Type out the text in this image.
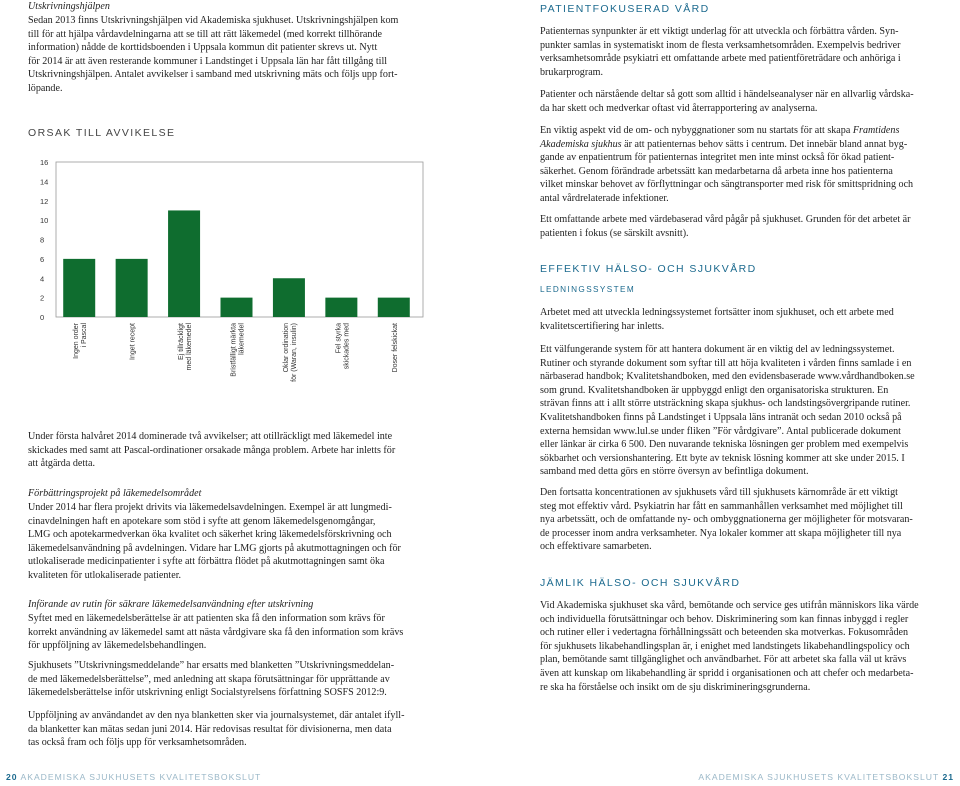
Utskrivningshjälpen

Sedan 2013 finns Utskrivningshjälpen vid Akademiska sjukhuset. Utskrivningshjälpen kom

till för att hjälpa vårdavdelningarna att se till att rätt läkemedel (med korrekt tillhörande

information) nådde de korttidsboenden i Uppsala kommun dit patienter skrevs ut. Nytt

för 2014 är att även resterande kommuner i Landstinget i Uppsala län har fått tillgång till

Utskrivningshjälpen. Antalet avvikelser i samband med utskrivning mäts och följs upp fort-

löpande.

ORSAK TILL AVVIKELSE
0
2
4
6
8
10
12
14
16
Ingen order i Pascal	Inget recept	Ej tillräckligt med läkemedel	Bristfälligt märkta läkemedel	Oklar ordination för (Waran, insulin)	Fel styrka skickades med	Doser felskickat

Under första halvåret 2014 dominerade två avvikelser; att otillräckligt med läkemedel inte

skickades med samt att Pascal-ordinationer orsakade många problem. Arbete har inletts för

att åtgärda detta.

Förbättringsprojekt på läkemedelsområdet

Under 2014 har flera projekt drivits via läkemedelsavdelningen. Exempel är att lungmedi-

cinavdelningen haft en apotekare som stöd i syfte att genom läkemedelsgenomgångar,

LMG och apotekarmedverkan öka kvalitet och säkerhet kring läkemedelsförskrivning och

läkemedelsanvändning på avdelningen. Vidare har LMG gjorts på akutmottagningen och för

utlokaliserade medicinpatienter i syfte att förbättra flödet på akutmottagningen samt öka

kvaliteten för utlokaliserade patienter.

Införande av rutin för säkrare läkemedelsanvändning efter utskrivning

Syftet med en läkemedelsberättelse är att patienten ska få den information som krävs för

korrekt användning av läkemedel samt att nästa vårdgivare ska få den information som krävs

för uppföljning av läkemedelsbehandlingen.

Sjukhusets ”Utskrivningsmeddelande” har ersatts med blanketten ”Utskrivningsmeddelan-

de med läkemedelsberättelse”, med anledning att skapa förutsättningar för upprättande av

läkemedelsberättelse inför utskrivning enligt Socialstyrelsens författning SOSFS 2012:9.

Uppföljning av användandet av den nya blanketten sker via journalsystemet, där antalet ifyll-

da blanketter kan mätas sedan juni 2014. Här redovisas resultat för divisionerna, men data

tas också fram och följs upp för verksamhetsområden.

PATIENTFOKUSERAD VÅRD

Patienternas synpunkter är ett viktigt underlag för att utveckla och förbättra vården. Syn-

punkter samlas in systematiskt inom de flesta verksamhetsområden. Exempelvis bedriver

verksamhetsområde psykiatri ett omfattande arbete med patientföreträdare och anhöriga i

brukarprogram.

Patienter och närstående deltar så gott som alltid i händelseanalyser när en allvarlig vårdska-

da har skett och medverkar oftast vid återrapportering av analyserna.

En viktig aspekt vid de om- och nybyggnationer som nu startats för att skapa Framtidens

Akademiska sjukhus är att patienternas behov sätts i centrum. Det innebär bland annat byg-

gande av enpatientrum för patienternas integritet men inte minst också för ökad patient-

säkerhet. Genom förändrade arbetssätt kan medarbetarna då arbeta inne hos patienterna

vilket minskar behovet av förflyttningar och sängtransporter med risk för smittspridning och

antal vårdrelaterade infektioner.

Ett omfattande arbete med värdebaserad vård pågår på sjukhuset. Grunden för det arbetet är

patienten i fokus (se särskilt avsnitt).

EFFEKTIV HÄLSO- OCH SJUKVÅRD
LEDNINGSSYSTEM

Arbetet med att utveckla ledningssystemet fortsätter inom sjukhuset, och ett arbete med

kvalitetscertifiering har inletts.

Ett välfungerande system för att hantera dokument är en viktig del av ledningssystemet.

Rutiner och styrande dokument som syftar till att höja kvaliteten i vården finns samlade i en

närbaserad handbok; Kvalitetshandboken, med den evidensbaserade www.vårdhandboken.se

som grund. Kvalitetshandboken är uppbyggd enligt den organisatoriska strukturen. En

strävan finns att i allt större utsträckning skapa sjukhus- och landstingsövergripande rutiner.

Kvalitetshandboken finns på Landstinget i Uppsala läns intranät och sedan 2010 också på

externa hemsidan www.lul.se under fliken ”För vårdgivare”. Antal publicerade dokument

eller länkar är cirka 6 500. Den nuvarande tekniska lösningen ger problem med exempelvis

sökbarhet och versionshantering. Ett byte av teknisk lösning kommer att ske under 2015. I

samband med detta görs en större översyn av befintliga dokument.

Den fortsatta koncentrationen av sjukhusets vård till sjukhusets kärnområde är ett viktigt

steg mot effektiv vård. Psykiatrin har fått en sammanhållen verksamhet med möjlighet till

nya arbetssätt, och de omfattande ny- och ombyggnationerna ger möjligheter för motsvaran-

de processer inom andra verksamheter. Nya lokaler kommer att skapa möjligheter till nya

och effektivare samarbeten.

JÄMLIK HÄLSO- OCH SJUKVÅRD

Vid Akademiska sjukhuset ska vård, bemötande och service ges utifrån människors lika värde

och individuella förutsättningar och behov. Diskriminering som kan finnas inbyggd i regler

och rutiner eller i vedertagna förhållningssätt och beteenden ska motverkas. Fokusområden

för sjukhusets likabehandlingsplan är, i enighet med landstingets likabehandlingspolicy och

plan, bemötande samt tillgänglighet och användbarhet. För att arbetet ska falla väl ut krävs

även att kunskap om likabehandling är spridd i organisationen och att chefer och medarbeta-

re ska ha förståelse och insikt om de sju diskrimineringsgrunderna.

20 AKADEMISKA SJUKHUSETS KVALITETSBOKSLUT	AKADEMISKA SJUKHUSETS KVALITETSBOKSLUT 21
